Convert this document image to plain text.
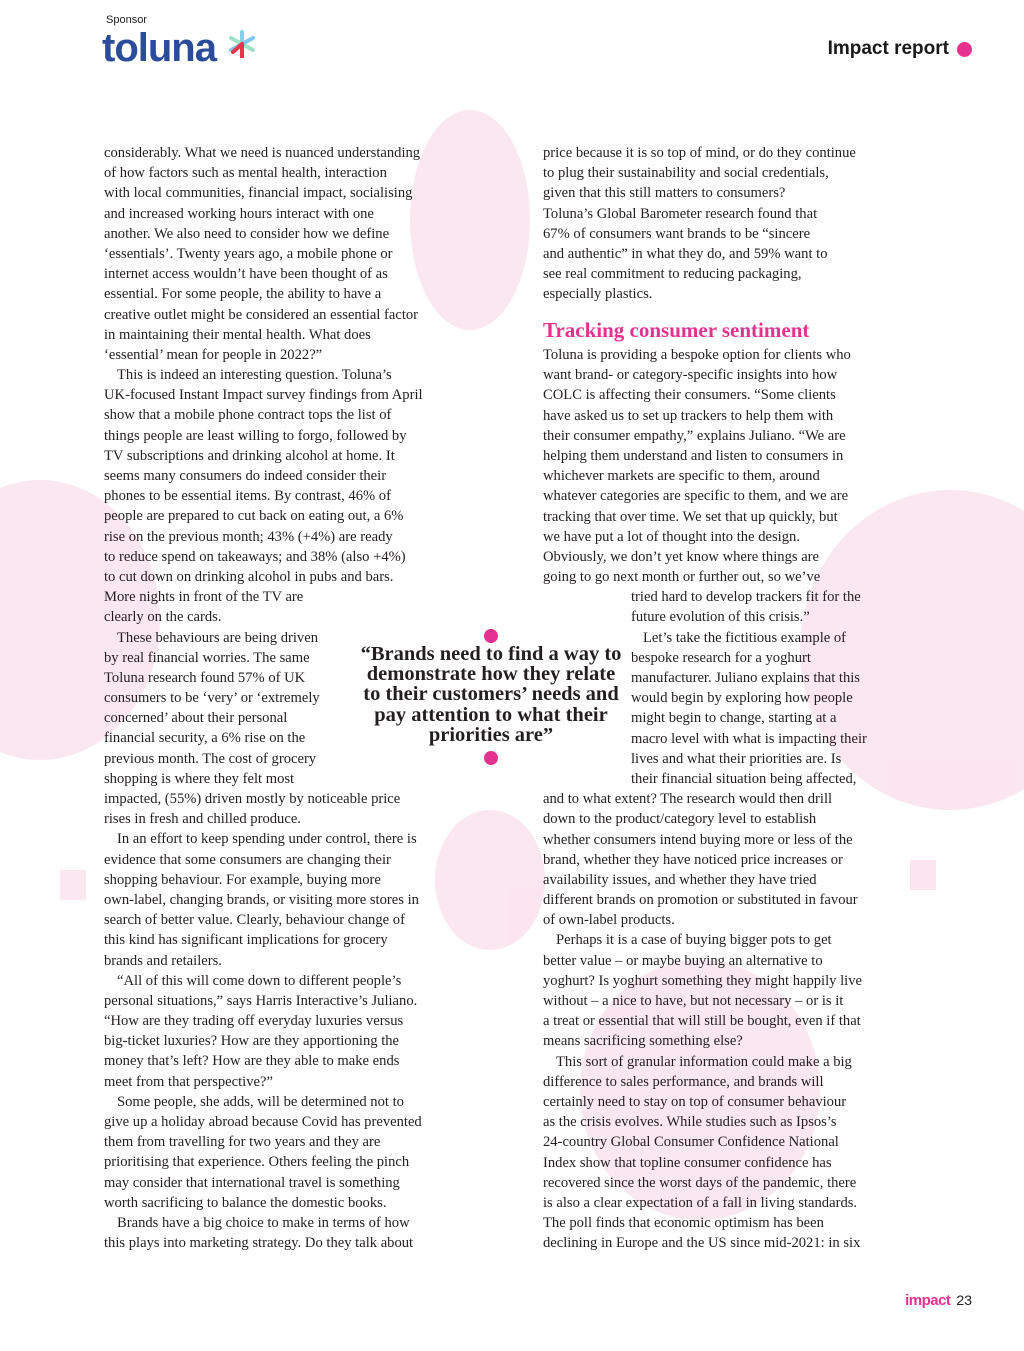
Sponsor
toluna	Impact report
considerably. What we need is nuanced understanding
of how factors such as mental health, interaction
with local communities, financial impact, socialising
and increased working hours interact with one
another. We also need to consider how we define
‘essentials’. Twenty years ago, a mobile phone or
internet access wouldn’t have been thought of as
essential. For some people, the ability to have a
creative outlet might be considered an essential factor
in maintaining their mental health. What does
‘essential’ mean for people in 2022?”
This is indeed an interesting question. Toluna’s
UK-focused Instant Impact survey findings from April
show that a mobile phone contract tops the list of
things people are least willing to forgo, followed by
TV subscriptions and drinking alcohol at home. It
seems many consumers do indeed consider their
phones to be essential items. By contrast, 46% of
people are prepared to cut back on eating out, a 6%
rise on the previous month; 43% (+4%) are ready
to reduce spend on takeaways; and 38% (also +4%)
to cut down on drinking alcohol in pubs and bars.
More nights in front of the TV are
clearly on the cards.
These behaviours are being driven
by real financial worries. The same
Toluna research found 57% of UK
consumers to be ‘very’ or ‘extremely
concerned’ about their personal
financial security, a 6% rise on the
previous month. The cost of grocery
shopping is where they felt most
impacted, (55%) driven mostly by noticeable price
rises in fresh and chilled produce.
In an effort to keep spending under control, there is
evidence that some consumers are changing their
shopping behaviour. For example, buying more
own-label, changing brands, or visiting more stores in
search of better value. Clearly, behaviour change of
this kind has significant implications for grocery
brands and retailers.
“All of this will come down to different people’s
personal situations,” says Harris Interactive’s Juliano.
“How are they trading off everyday luxuries versus
big-ticket luxuries? How are they apportioning the
money that’s left? How are they able to make ends
meet from that perspective?”
Some people, she adds, will be determined not to
give up a holiday abroad because Covid has prevented
them from travelling for two years and they are
prioritising that experience. Others feeling the pinch
may consider that international travel is something
worth sacrificing to balance the domestic books.
Brands have a big choice to make in terms of how
this plays into marketing strategy. Do they talk about
price because it is so top of mind, or do they continue
to plug their sustainability and social credentials,
given that this still matters to consumers?
Toluna’s Global Barometer research found that
67% of consumers want brands to be “sincere
and authentic” in what they do, and 59% want to
see real commitment to reducing packaging,
especially plastics.
Tracking consumer sentiment
Toluna is providing a bespoke option for clients who
want brand- or category-specific insights into how
COLC is affecting their consumers. “Some clients
have asked us to set up trackers to help them with
their consumer empathy,” explains Juliano. “We are
helping them understand and listen to consumers in
whichever markets are specific to them, around
whatever categories are specific to them, and we are
tracking that over time. We set that up quickly, but
we have put a lot of thought into the design.
Obviously, we don’t yet know where things are
going to go next month or further out, so we’ve
tried hard to develop trackers fit for the
future evolution of this crisis.”
Let’s take the fictitious example of
bespoke research for a yoghurt
manufacturer. Juliano explains that this
would begin by exploring how people
might begin to change, starting at a
macro level with what is impacting their
lives and what their priorities are. Is
their financial situation being affected,
and to what extent? The research would then drill
down to the product/category level to establish
whether consumers intend buying more or less of the
brand, whether they have noticed price increases or
availability issues, and whether they have tried
different brands on promotion or substituted in favour
of own-label products.
Perhaps it is a case of buying bigger pots to get
better value – or maybe buying an alternative to
yoghurt? Is yoghurt something they might happily live
without – a nice to have, but not necessary – or is it
a treat or essential that will still be bought, even if that
means sacrificing something else?
This sort of granular information could make a big
difference to sales performance, and brands will
certainly need to stay on top of consumer behaviour
as the crisis evolves. While studies such as Ipsos’s
24-country Global Consumer Confidence National
Index show that topline consumer confidence has
recovered since the worst days of the pandemic, there
is also a clear expectation of a fall in living standards.
The poll finds that economic optimism has been
declining in Europe and the US since mid-2021: in six
“Brands need to find a way to demonstrate how they relate to their customers’ needs and pay attention to what their priorities are”
impact 23
